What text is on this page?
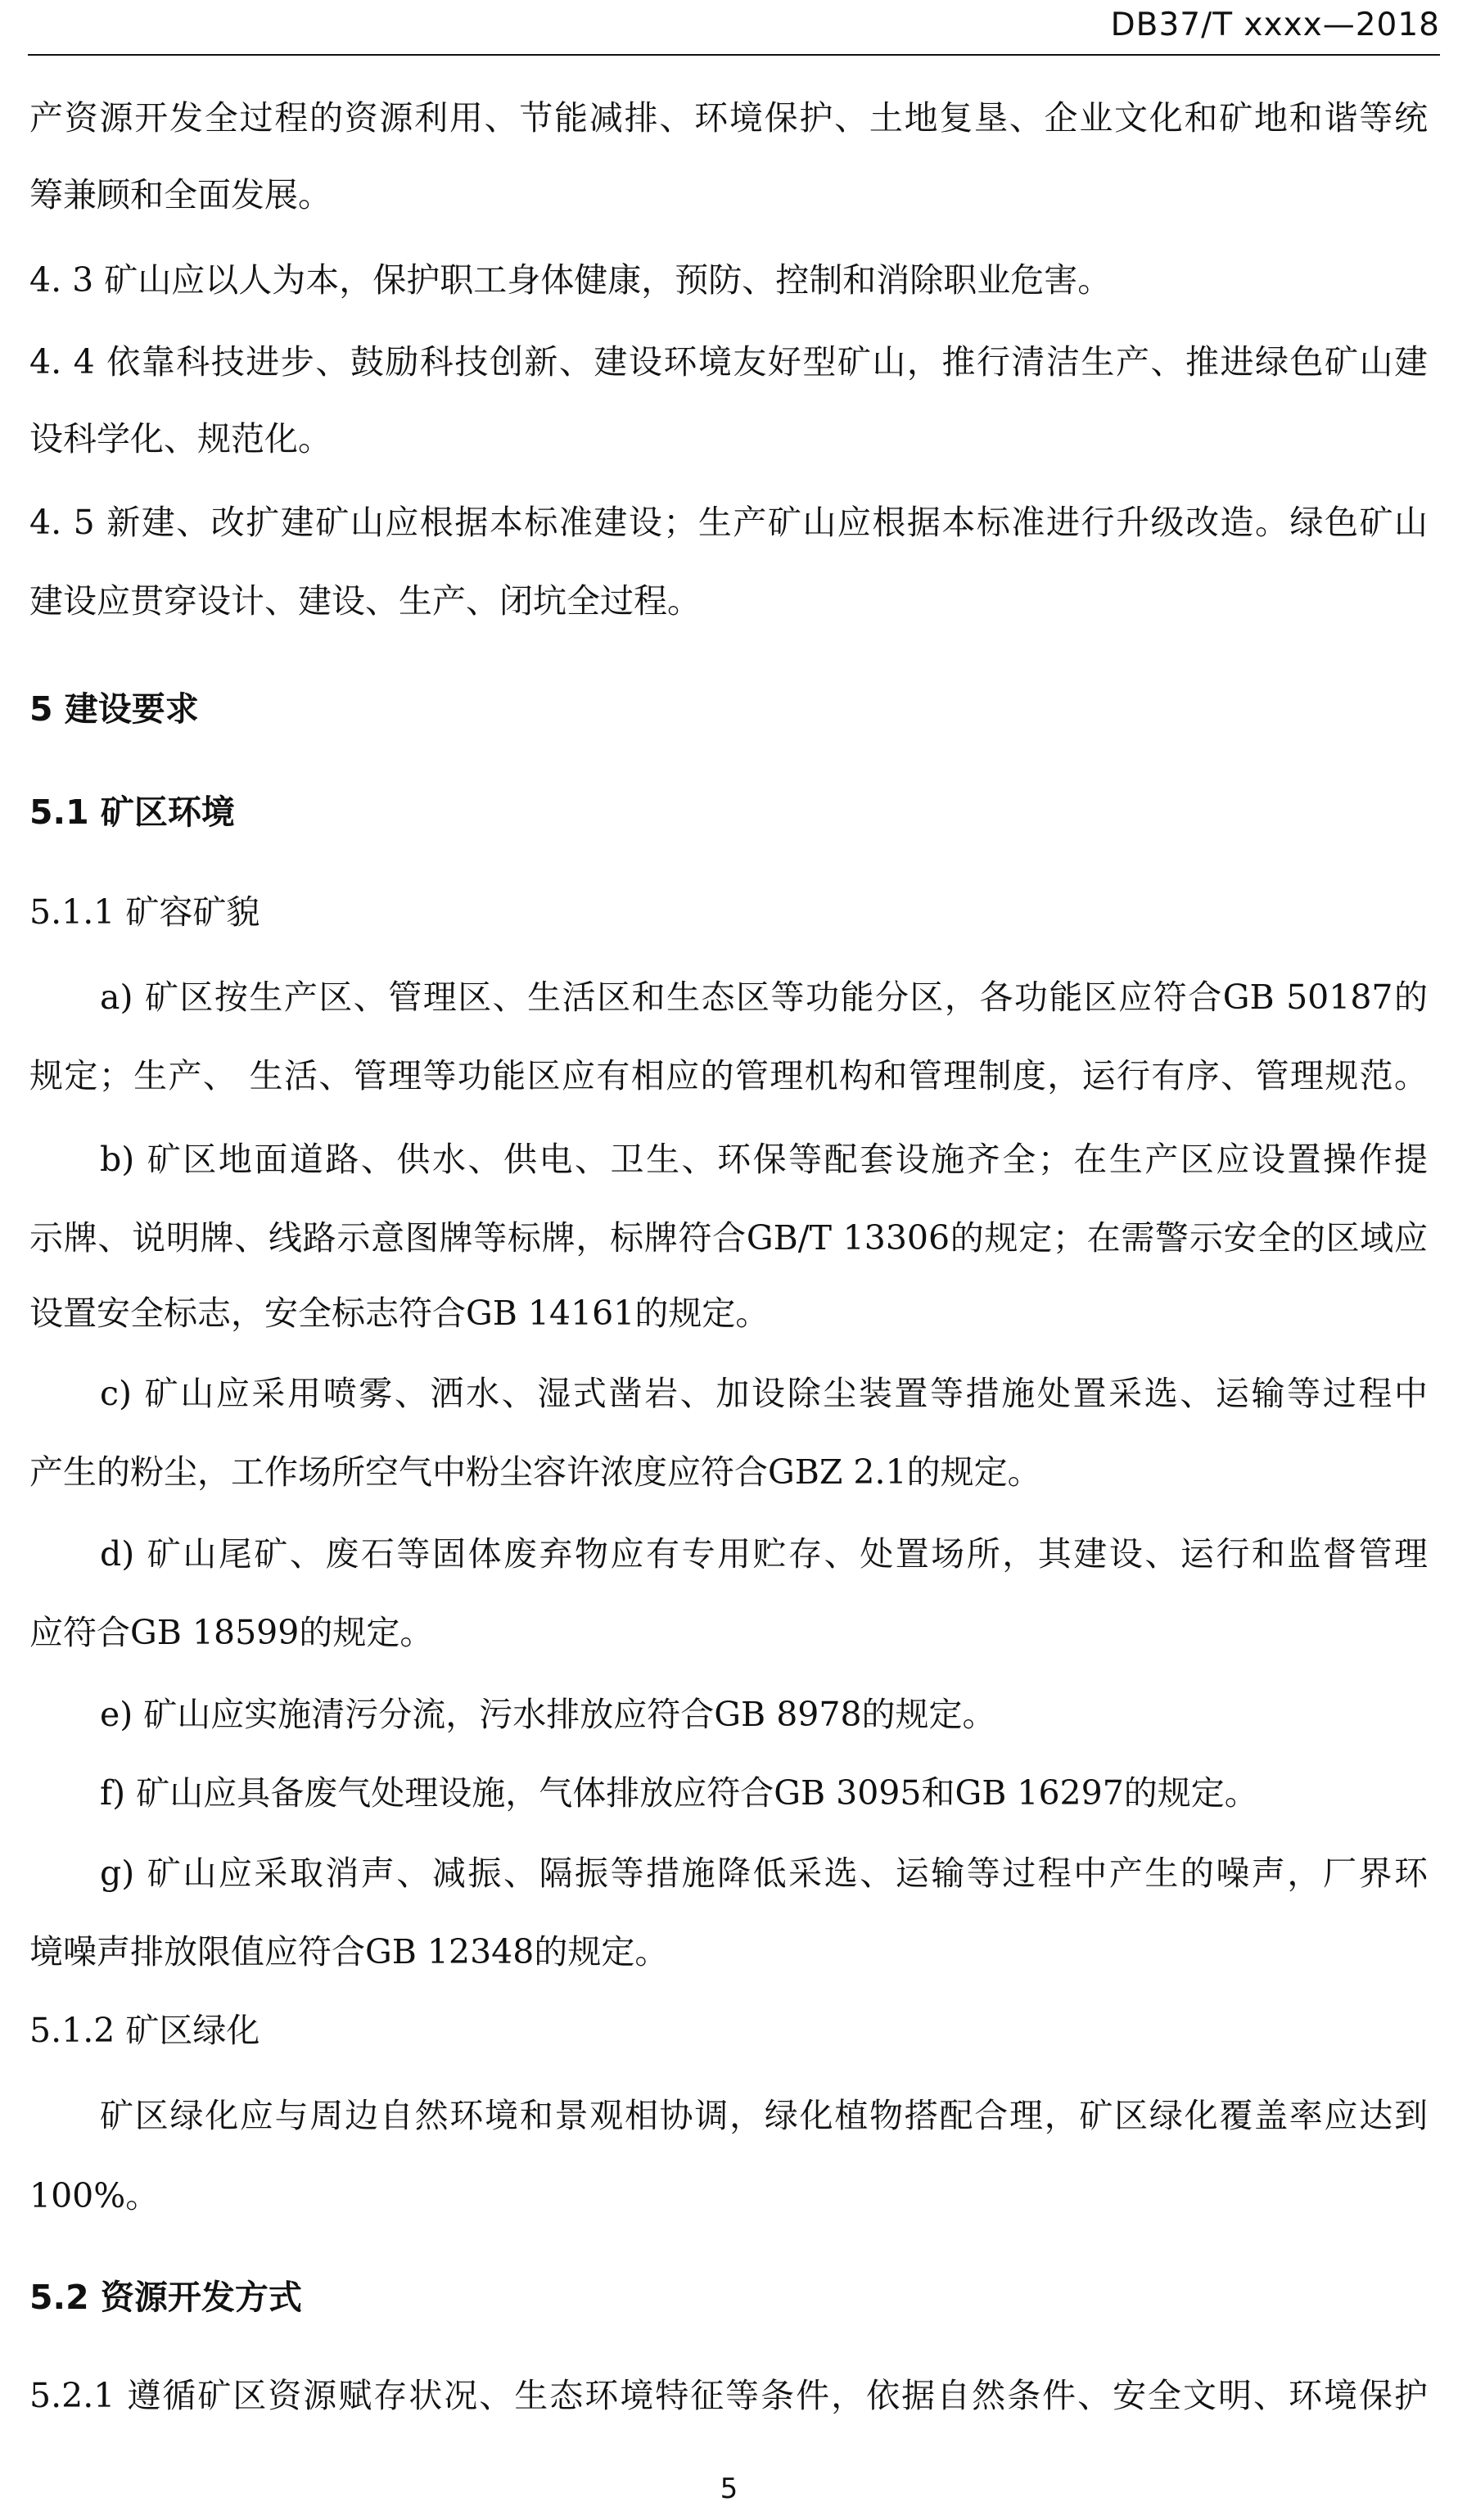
DB37/T xxxx—2018
产资源开发全过程的资源利用、节能减排、环境保护、土地复垦、企业文化和矿地和谐等统
筹兼顾和全面发展。
4. 3 矿山应以人为本，保护职工身体健康，预防、控制和消除职业危害。
4. 4 依靠科技进步、鼓励科技创新、建设环境友好型矿山，推行清洁生产、推进绿色矿山建
设科学化、规范化。
4. 5 新建、改扩建矿山应根据本标准建设；生产矿山应根据本标准进行升级改造。绿色矿山
建设应贯穿设计、建设、生产、闭坑全过程。
5 建设要求
5.1 矿区环境
5.1.1 矿容矿貌
a) 矿区按生产区、管理区、生活区和生态区等功能分区，各功能区应符合GB 50187的
规定；生产、 生活、管理等功能区应有相应的管理机构和管理制度，运行有序、管理规范。
b) 矿区地面道路、供水、供电、卫生、环保等配套设施齐全；在生产区应设置操作提
示牌、说明牌、线路示意图牌等标牌，标牌符合GB/T 13306的规定；在需警示安全的区域应
设置安全标志，安全标志符合GB 14161的规定。
c) 矿山应采用喷雾、洒水、湿式凿岩、加设除尘装置等措施处置采选、运输等过程中
产生的粉尘，工作场所空气中粉尘容许浓度应符合GBZ 2.1的规定。
d) 矿山尾矿、废石等固体废弃物应有专用贮存、处置场所，其建设、运行和监督管理
应符合GB 18599的规定。
e) 矿山应实施清污分流，污水排放应符合GB 8978的规定。
f) 矿山应具备废气处理设施，气体排放应符合GB 3095和GB 16297的规定。
g) 矿山应采取消声、减振、隔振等措施降低采选、运输等过程中产生的噪声，厂界环
境噪声排放限值应符合GB 12348的规定。
5.1.2 矿区绿化
矿区绿化应与周边自然环境和景观相协调，绿化植物搭配合理，矿区绿化覆盖率应达到
100%。
5.2 资源开发方式
5.2.1 遵循矿区资源赋存状况、生态环境特征等条件，依据自然条件、安全文明、环境保护
5
